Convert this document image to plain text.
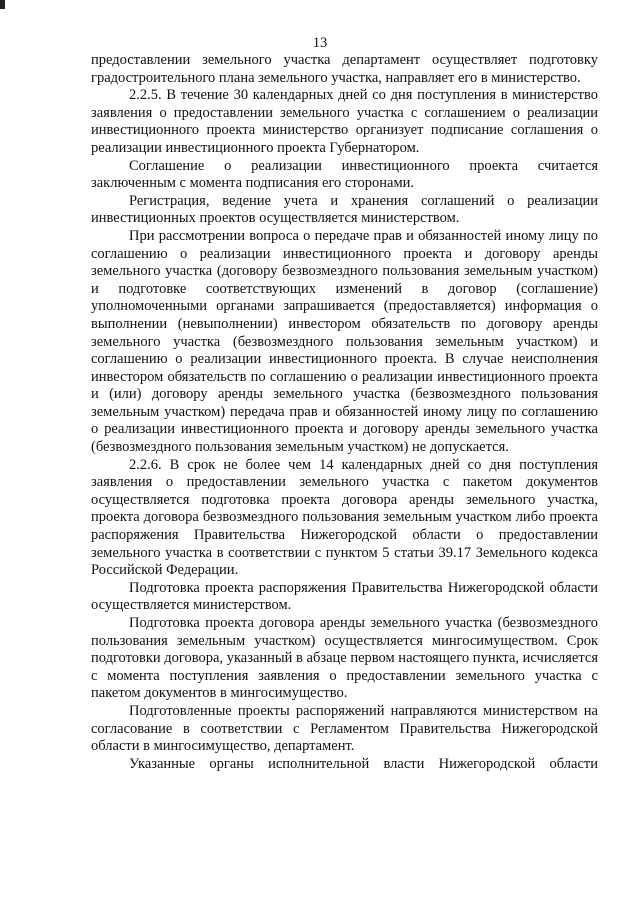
13

предоставлении земельного участка департамент осуществляет подготовку градостроительного плана земельного участка, направляет его в министерство.

2.2.5. В течение 30 календарных дней со дня поступления в министерство заявления о предоставлении земельного участка с соглашением о реализации инвестиционного проекта министерство организует подписание соглашения о реализации инвестиционного проекта Губернатором.

Соглашение о реализации инвестиционного проекта считается заключенным с момента подписания его сторонами.

Регистрация, ведение учета и хранения соглашений о реализации инвестиционных проектов осуществляется министерством.

При рассмотрении вопроса о передаче прав и обязанностей иному лицу по соглашению о реализации инвестиционного проекта и договору аренды земельного участка (договору безвозмездного пользования земельным участком) и подготовке соответствующих изменений в договор (соглашение) уполномоченными органами запрашивается (предоставляется) информация о выполнении (невыполнении) инвестором обязательств по договору аренды земельного участка (безвозмездного пользования земельным участком) и соглашению о реализации инвестиционного проекта. В случае неисполнения инвестором обязательств по соглашению о реализации инвестиционного проекта и (или) договору аренды земельного участка (безвозмездного пользования земельным участком) передача прав и обязанностей иному лицу по соглашению о реализации инвестиционного проекта и договору аренды земельного участка (безвозмездного пользования земельным участком) не допускается.

2.2.6. В срок не более чем 14 календарных дней со дня поступления заявления о предоставлении земельного участка с пакетом документов осуществляется подготовка проекта договора аренды земельного участка, проекта договора безвозмездного пользования земельным участком либо проекта распоряжения Правительства Нижегородской области о предоставлении земельного участка в соответствии с пунктом 5 статьи 39.17 Земельного кодекса Российской Федерации.

Подготовка проекта распоряжения Правительства Нижегородской области осуществляется министерством.

Подготовка проекта договора аренды земельного участка (безвозмездного пользования земельным участком) осуществляется мингосимуществом. Срок подготовки договора, указанный в абзаце первом настоящего пункта, исчисляется с момента поступления заявления о предоставлении земельного участка с пакетом документов в мингосимущество.

Подготовленные проекты распоряжений направляются министерством на согласование в соответствии с Регламентом Правительства Нижегородской области в мингосимущество, департамент.

Указанные органы исполнительной власти Нижегородской области
